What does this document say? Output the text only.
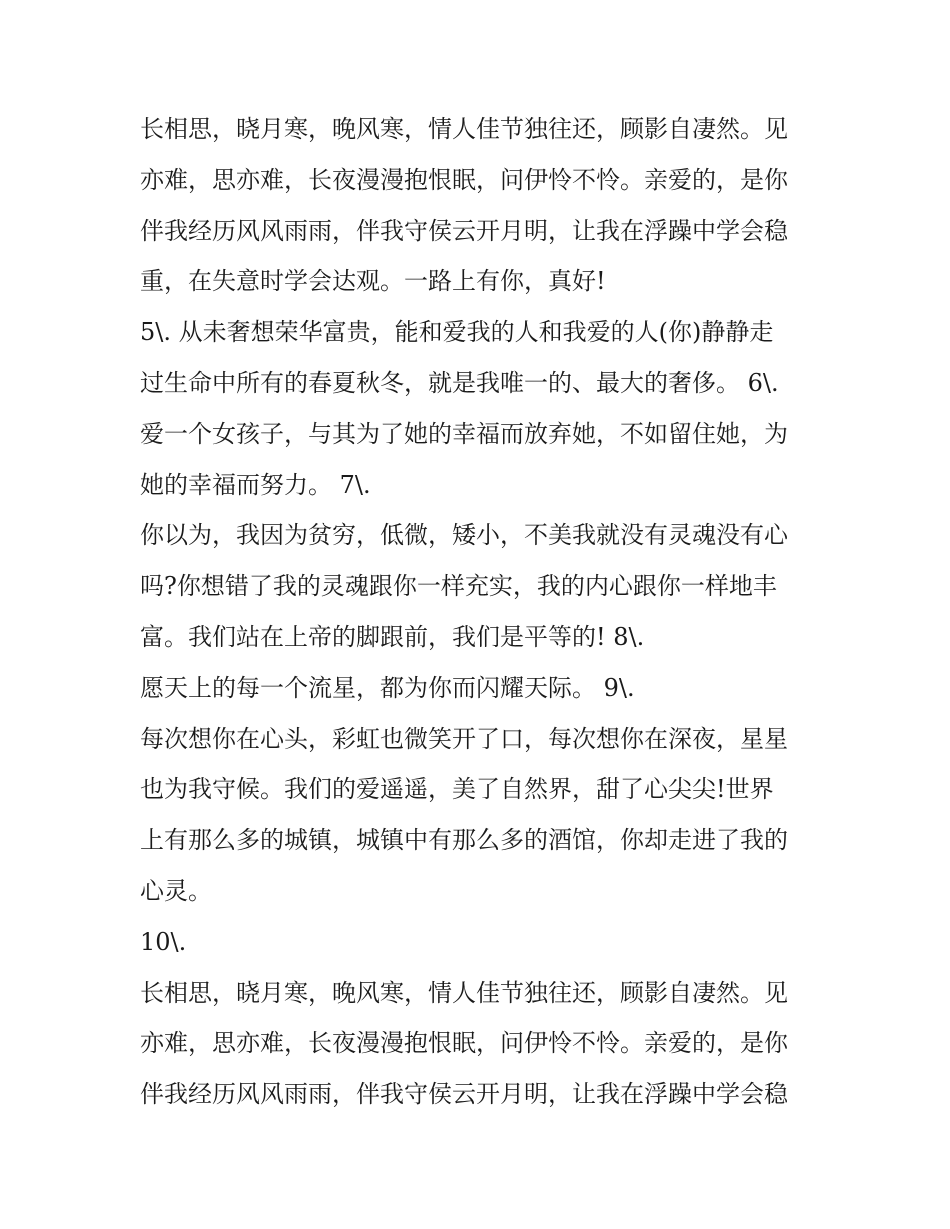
长相思，晓月寒，晚风寒，情人佳节独往还，顾影自凄然。见
亦难，思亦难，长夜漫漫抱恨眠，问伊怜不怜。亲爱的，是你
伴我经历风风雨雨，伴我守侯云开月明，让我在浮躁中学会稳
重，在失意时学会达观。一路上有你，真好!
5\. 从未奢想荣华富贵，能和爱我的人和我爱的人(你)静静走
过生命中所有的春夏秋冬，就是我唯一的、最大的奢侈。 6\.
爱一个女孩子，与其为了她的幸福而放弃她，不如留住她，为
她的幸福而努力。 7\.
你以为，我因为贫穷，低微，矮小，不美我就没有灵魂没有心
吗?你想错了我的灵魂跟你一样充实，我的内心跟你一样地丰
富。我们站在上帝的脚跟前，我们是平等的! 8\.
愿天上的每一个流星，都为你而闪耀天际。 9\.
每次想你在心头，彩虹也微笑开了口，每次想你在深夜，星星
也为我守候。我们的爱遥遥，美了自然界，甜了心尖尖!世界
上有那么多的城镇，城镇中有那么多的酒馆，你却走进了我的
心灵。
10\.
长相思，晓月寒，晚风寒，情人佳节独往还，顾影自凄然。见
亦难，思亦难，长夜漫漫抱恨眠，问伊怜不怜。亲爱的，是你
伴我经历风风雨雨，伴我守侯云开月明，让我在浮躁中学会稳
